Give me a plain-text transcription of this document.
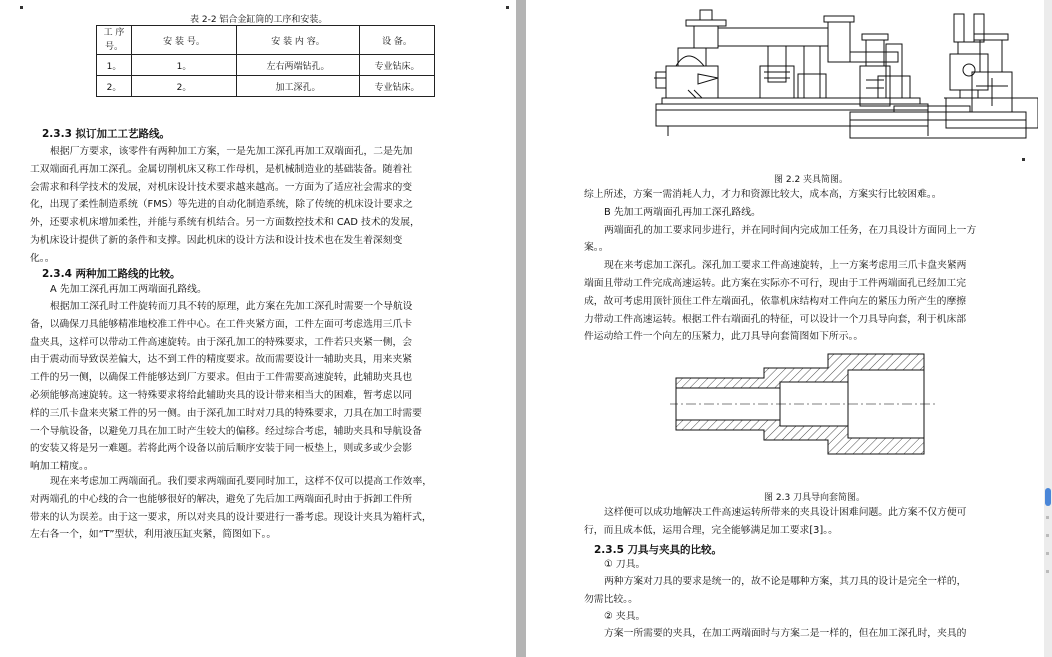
表 2-2 铝合金缸筒的工序和安装。
工 序 号。	安 装 号。	安 装 内 容。	设 备。
1。	1。	左右两端钻孔。	专业钻床。
2。	2。	加工深孔。	专业钻床。
2.3.3 拟订加工工艺路线。
根据厂方要求，该零件有两种加工方案，一是先加工深孔再加工双端面孔，二是先加
工双端面孔再加工深孔。金属切削机床又称工作母机，是机械制造业的基础装备。随着社
会需求和科学技术的发展，对机床设计技术要求越来越高。一方面为了适应社会需求的变
化，出现了柔性制造系统（FMS）等先进的自动化制造系统，除了传统的机床设计要求之
外，还要求机床增加柔性，并能与系统有机结合。另一方面数控技术和 CAD 技术的发展，
为机床设计提供了新的条件和支撑。因此机床的设计方法和设计技术也在发生着深刻变
化。。
2.3.4 两种加工路线的比较。
A 先加工深孔再加工两端面孔路线。
根据加工深孔时工件旋转而刀具不转的原理，此方案在先加工深孔时需要一个导航设
备，以确保刀具能够精准地校准工件中心。在工件夹紧方面，工件左面可考虑选用三爪卡
盘夹具，这样可以带动工件高速旋转。由于深孔加工的特殊要求，工件若只夹紧一侧，会
由于震动而导致误差偏大，达不到工件的精度要求。故而需要设计一辅助夹具，用来夹紧
工件的另一侧，以确保工件能够达到厂方要求。但由于工件需要高速旋转，此辅助夹具也
必须能够高速旋转。这一特殊要求将给此辅助夹具的设计带来相当大的困难，暂考虑以同
样的三爪卡盘来夹紧工件的另一侧。由于深孔加工时对刀具的特殊要求，刀具在加工时需要
一个导航设备，以避免刀具在加工时产生较大的偏移。经过综合考虑，辅助夹具和导航设备
的安装又将是另一难题。若将此两个设备以前后顺序安装于同一板垫上，则或多或少会影
响加工精度。。
现在来考虑加工两端面孔。我们要求两端面孔要同时加工，这样不仅可以提高工作效率，
对两端孔的中心线的合一也能够很好的解决，避免了先后加工两端面孔时由于拆卸工件所
带来的认为误差。由于这一要求，所以对夹具的设计要进行一番考虑。现设计夹具为箱杆式，
左右各一个，如“T”型状，利用液压缸夹紧，简图如下。。
图 2.2 夹具简图。
综上所述，方案一需消耗人力，才力和资源比较大，成本高，方案实行比较困难。。
B 先加工两端面孔再加工深孔路线。
两端面孔的加工要求同步进行，并在同时间内完成加工任务，在刀具设计方面同上一方
案。。
现在来考虑加工深孔。深孔加工要求工件高速旋转，上一方案考虑用三爪卡盘夹紧两
端面且带动工件完成高速运转。此方案在实际亦不可行，现由于工件两端面孔已经加工完
成，故可考虑用顶针顶住工件左端面孔，依靠机床结构对工件向左的紧压力所产生的摩擦
力带动工件高速运转。根据工件右端面孔的特征，可以设计一个刀具导向套，利于机床部
件运动给工件一个向左的压紧力，此刀具导向套简图如下所示。。
图 2.3 刀具导向套简图。
这样便可以成功地解决工件高速运转所带来的夹具设计困难问题。此方案不仅方便可
行，而且成本低，运用合理，完全能够满足加工要求[3]。。
2.3.5 刀具与夹具的比较。
① 刀具。
两种方案对刀具的要求是统一的，故不论是哪种方案，其刀具的设计是完全一样的，
勿需比较。。
② 夹具。
方案一所需要的夹具，在加工两端面时与方案二是一样的，但在加工深孔时，夹具的
